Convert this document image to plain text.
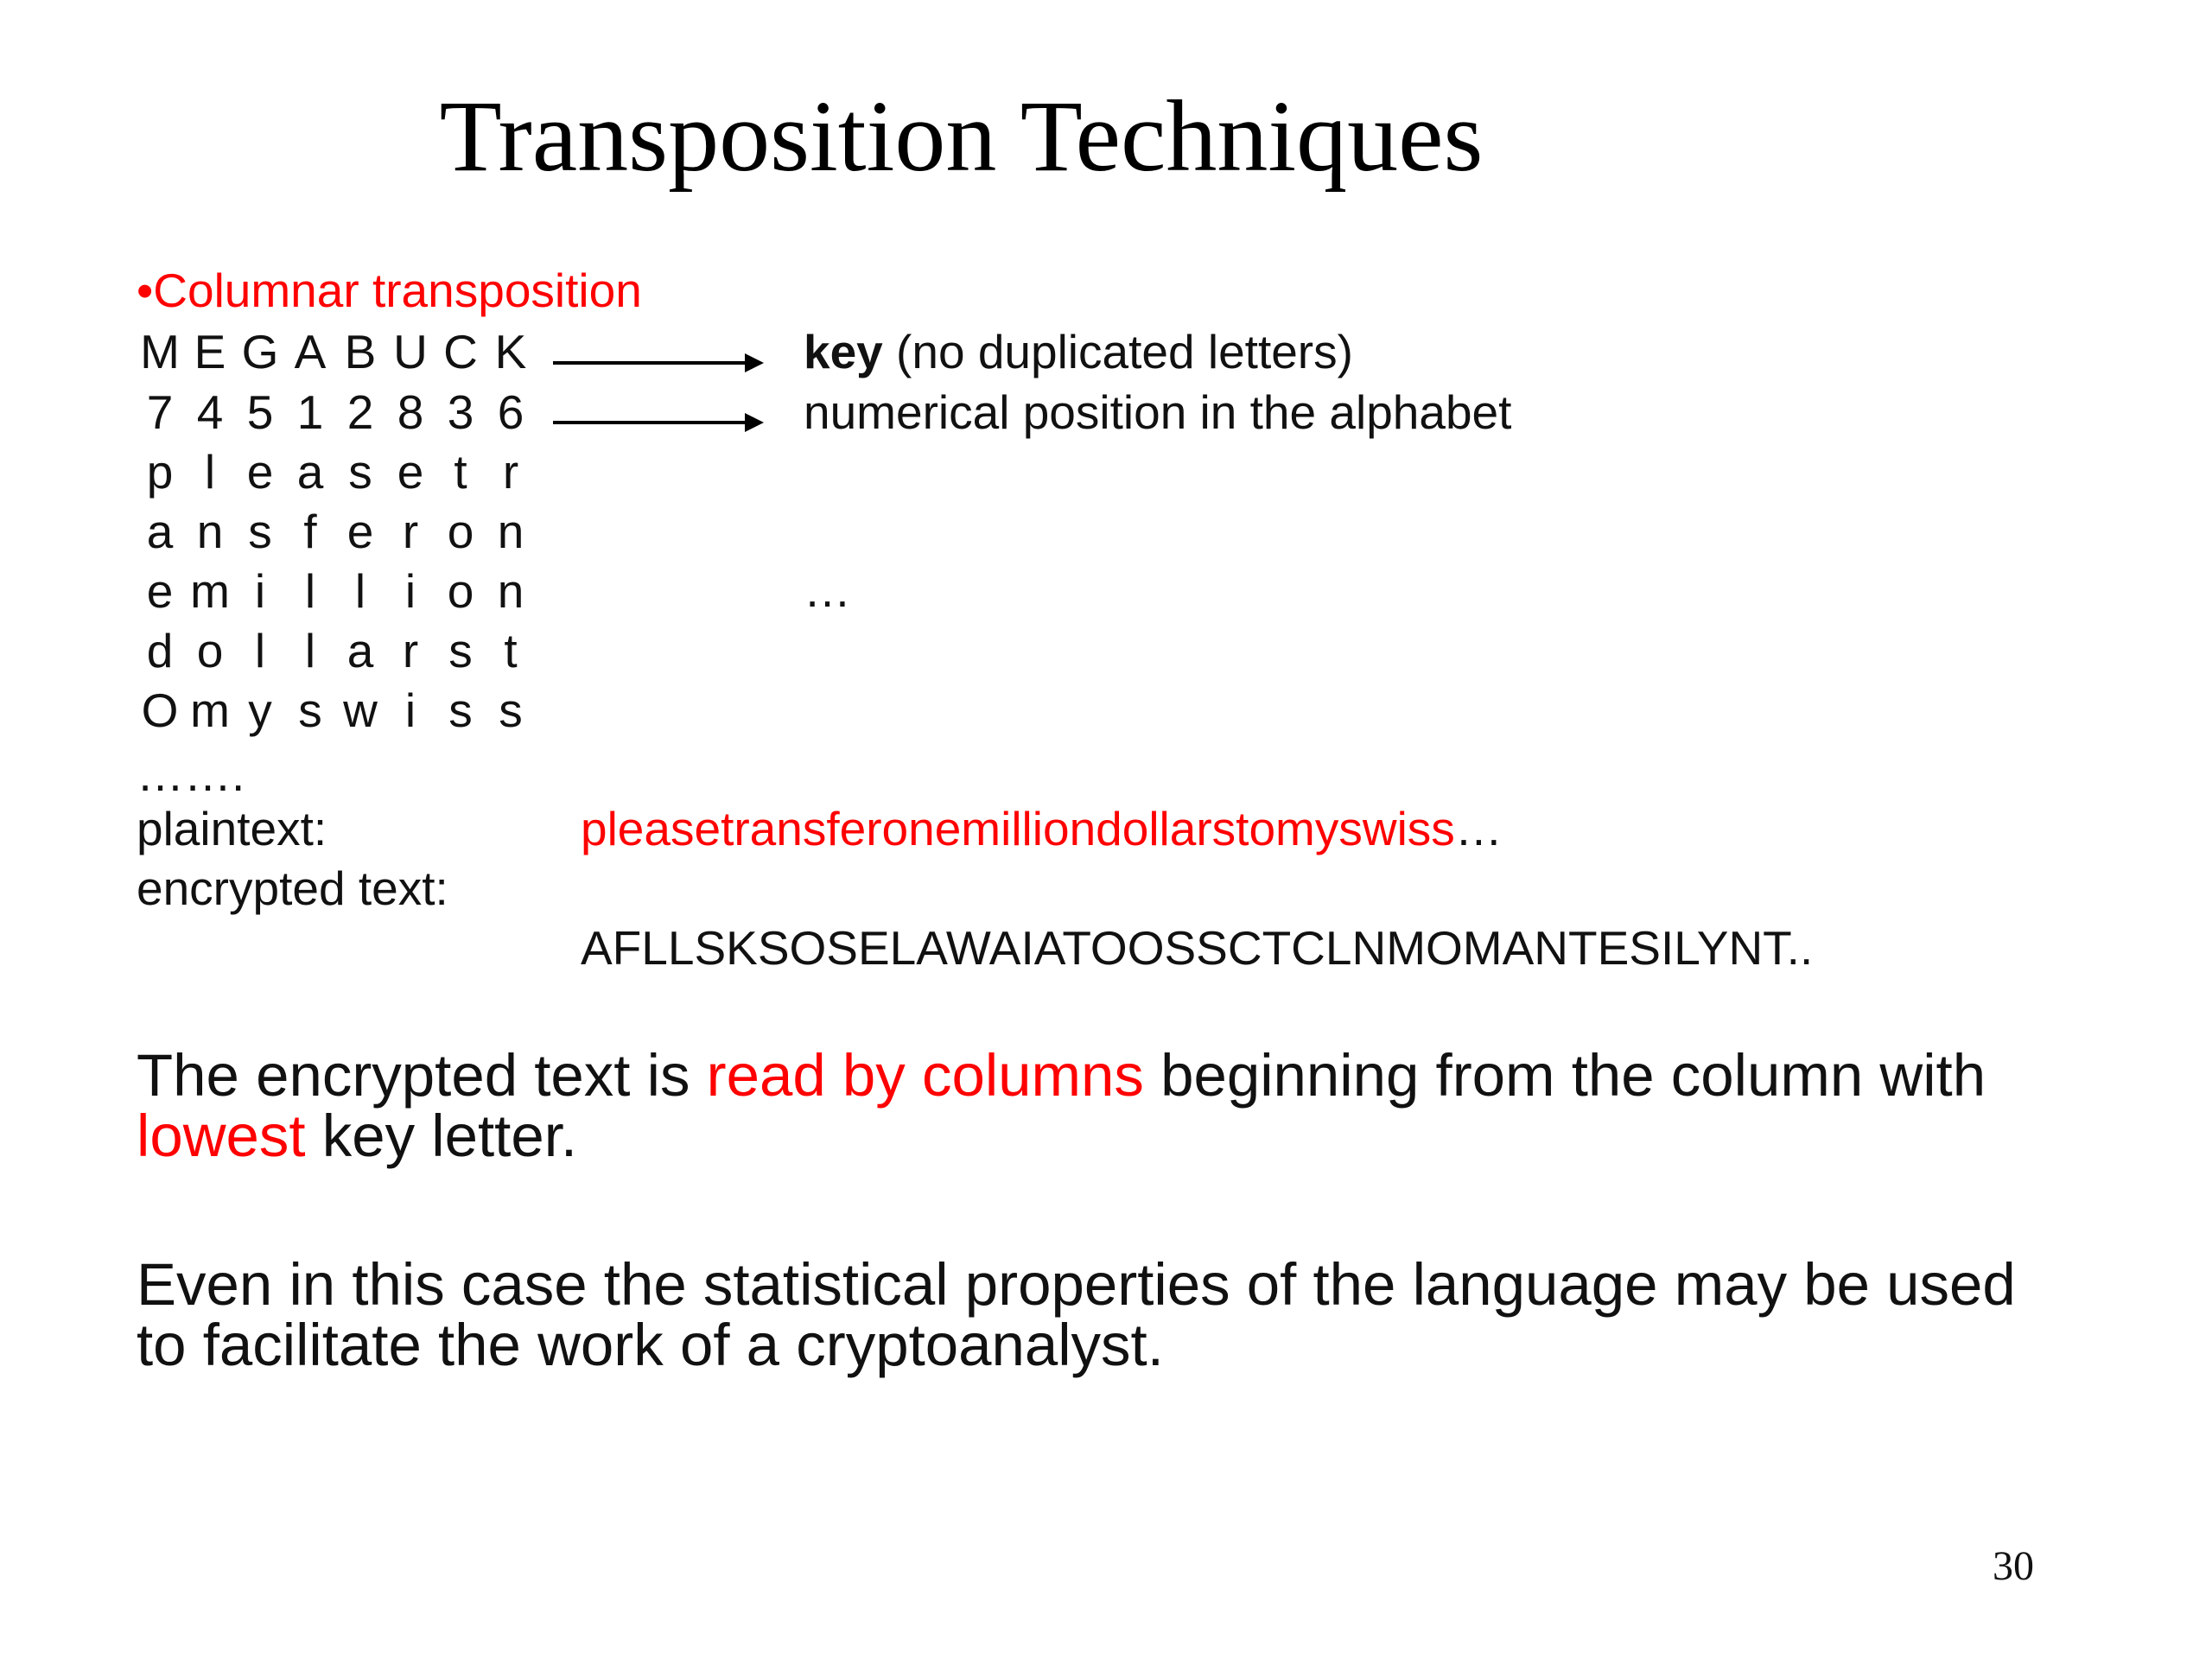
Transposition Techniques
•Columnar transposition
M E G A B U C K	key (no duplicated letters)
7 4 5 1 2 8 3 6	numerical position in the alphabet
p l e a s e t r
a n s f e r o n
e m i l l i o n
d o l l a r s t
O m y s w i s s
…
…….
plaintext:	pleasetransferonemilliondollarstomyswiss…
encrypted text:
AFLLSKSOSELAWAIATOOSSCTCLNMOMANTESILYNT..
The encrypted text is read by columns beginning from the column with
lowest key letter.
Even in this case the statistical properties of the language may be used
to facilitate the work of a cryptoanalyst.
30
